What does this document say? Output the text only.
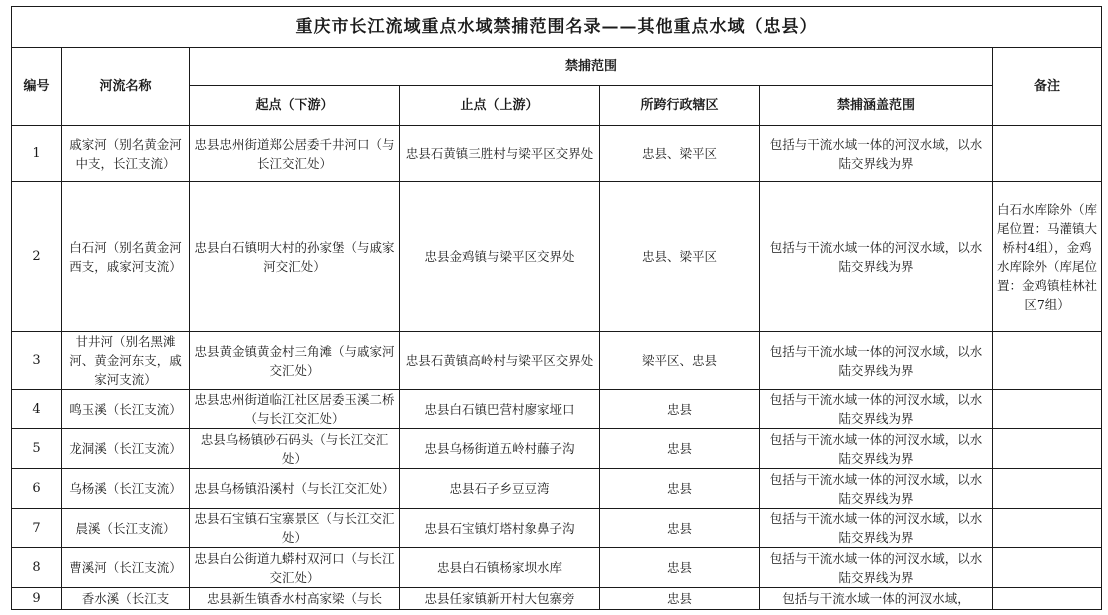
重庆市长江流域重点水域禁捕范围名录——其他重点水域（忠县）						
编号	河流名称	禁捕范围				备注
		起点（下游）	止点（上游）	所跨行政辖区	禁捕涵盖范围	
1	戚家河（别名黄金河中支，长江支流）	忠县忠州街道郑公居委千井河口（与长江交汇处）	忠县石黄镇三胜村与梁平区交界处	忠县、梁平区	包括与干流水域一体的河汊水域，以水陆交界线为界	
2	白石河（别名黄金河西支，戚家河支流）	忠县白石镇明大村的孙家堡（与戚家河交汇处）	忠县金鸡镇与梁平区交界处	忠县、梁平区	包括与干流水域一体的河汊水域，以水陆交界线为界	白石水库除外（库尾位置：马灌镇大桥村4组），金鸡水库除外（库尾位置：金鸡镇桂林社区7组）
3	甘井河（别名黑滩河、黄金河东支，戚家河支流）	忠县黄金镇黄金村三角滩（与戚家河交汇处）	忠县石黄镇高岭村与梁平区交界处	梁平区、忠县	包括与干流水域一体的河汊水域，以水陆交界线为界	
4	鸣玉溪（长江支流）	忠县忠州街道临江社区居委玉溪二桥（与长江交汇处）	忠县白石镇巴营村廖家垭口	忠县	包括与干流水域一体的河汊水域，以水陆交界线为界	
5	龙洞溪（长江支流）	忠县乌杨镇砂石码头（与长江交汇处）	忠县乌杨街道五岭村藤子沟	忠县	包括与干流水域一体的河汊水域，以水陆交界线为界	
6	乌杨溪（长江支流）	忠县乌杨镇沿溪村（与长江交汇处）	忠县石子乡豆豆湾	忠县	包括与干流水域一体的河汊水域，以水陆交界线为界	
7	晨溪（长江支流）	忠县石宝镇石宝寨景区（与长江交汇处）	忠县石宝镇灯塔村象鼻子沟	忠县	包括与干流水域一体的河汊水域，以水陆交界线为界	
8	曹溪河（长江支流）	忠县白公街道九蟒村双河口（与长江交汇处）	忠县白石镇杨家坝水库	忠县	包括与干流水域一体的河汊水域，以水陆交界线为界	
9	香水溪（长江支	忠县新生镇香水村高家梁（与长	忠县任家镇新开村大包寨旁	忠县	包括与干流水域一体的河汊水域，	
